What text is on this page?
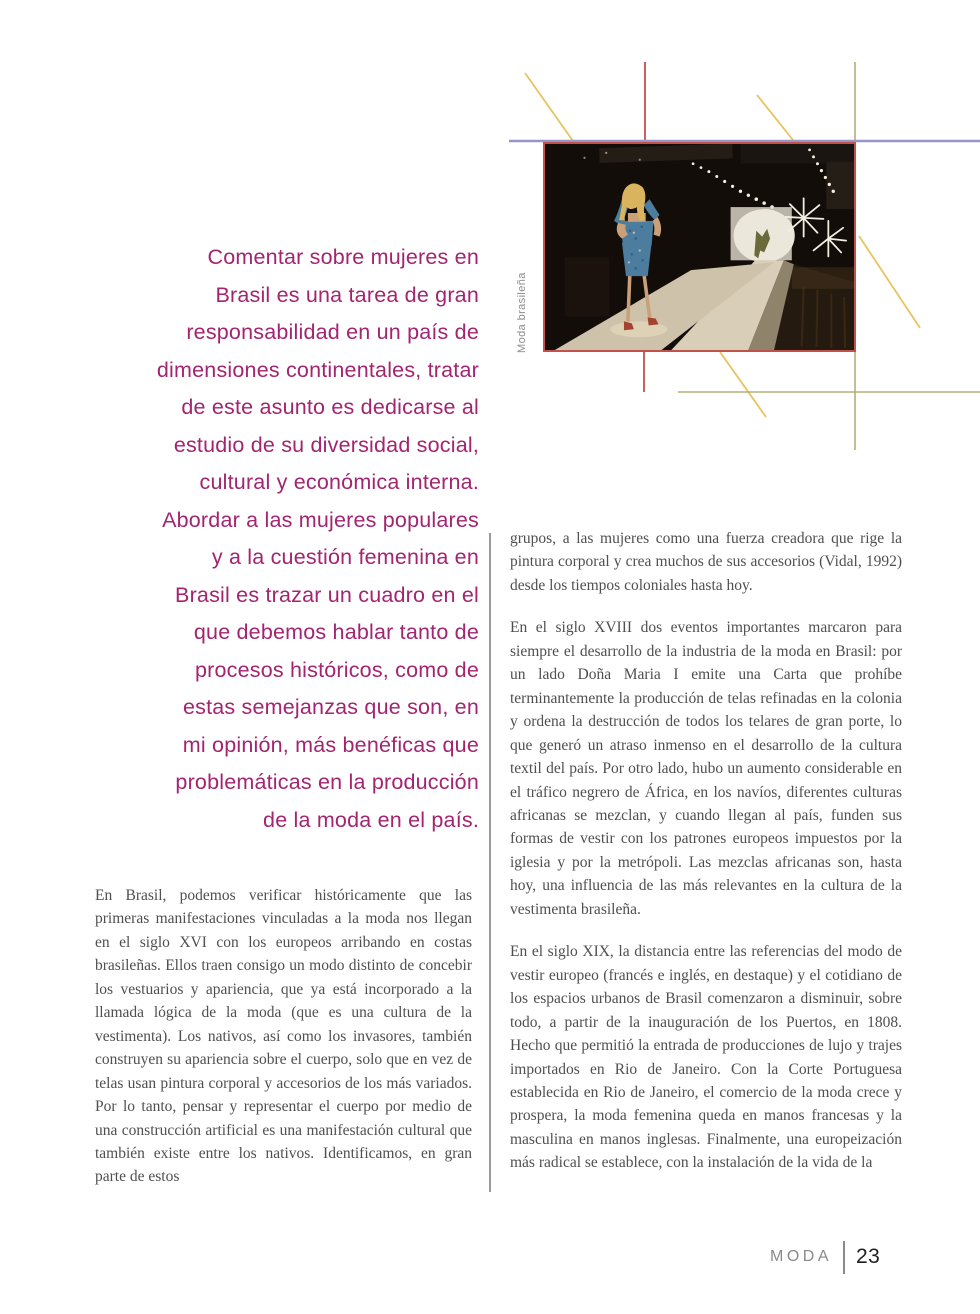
Comentar sobre mujeres en
Brasil es una tarea de gran
responsabilidad en un país de
dimensiones continentales, tratar
de este asunto es dedicarse al
estudio de su diversidad social,
cultural y económica interna.
Abordar a las mujeres populares
y a la cuestión femenina en
Brasil es trazar un cuadro en el
que debemos hablar tanto de
procesos históricos, como de
estas semejanzas que son, en
mi opinión, más benéficas que
problemáticas en la producción
de la moda en el país.
Moda brasileña

En Brasil, podemos verificar históricamente que las primeras manifestaciones vinculadas a la moda nos llegan en el siglo XVI con los europeos arribando en costas brasileñas. Ellos traen consigo un modo distinto de concebir los vestuarios y apariencia, que ya está incorporado a la llamada lógica de la moda (que es una cultura de la vestimenta). Los nativos, así como los invasores, también construyen su apariencia sobre el cuerpo, solo que en vez de telas usan pintura corporal y accesorios de los más variados. Por lo tanto, pensar y representar el cuerpo por medio de una construcción artificial es una manifestación cultural que también existe entre los nativos. Identificamos, en gran parte de estos

grupos, a las mujeres como una fuerza creadora que rige la pintura corporal y crea muchos de sus accesorios (Vidal, 1992) desde los tiempos coloniales hasta hoy.

En el siglo XVIII dos eventos importantes marcaron para siempre el desarrollo de la industria de la moda en Brasil: por un lado Doña Maria I emite una Carta que prohíbe terminantemente la producción de telas refinadas en la colonia y ordena la destrucción de todos los telares de gran porte, lo que generó un atraso inmenso en el desarrollo de la cultura textil del país. Por otro lado, hubo un aumento considerable en el tráfico negrero de África, en los navíos, diferentes culturas africanas se mezclan, y cuando llegan al país, funden sus formas de vestir con los patrones europeos impuestos por la iglesia y por la metrópoli. Las mezclas africanas son, hasta hoy, una influencia de las más relevantes en la cultura de la vestimenta brasileña.

En el siglo XIX, la distancia entre las referencias del modo de vestir europeo (francés e inglés, en destaque) y el cotidiano de los espacios urbanos de Brasil comenzaron a disminuir, sobre todo, a partir de la inauguración de los Puertos, en 1808. Hecho que permitió la entrada de producciones de lujo y trajes importados en Rio de Janeiro. Con la Corte Portuguesa establecida en Rio de Janeiro, el comercio de la moda crece y prospera, la moda femenina queda en manos francesas y la masculina en manos inglesas. Finalmente, una europeización más radical se establece, con la instalación de la vida de la

MODA 23
